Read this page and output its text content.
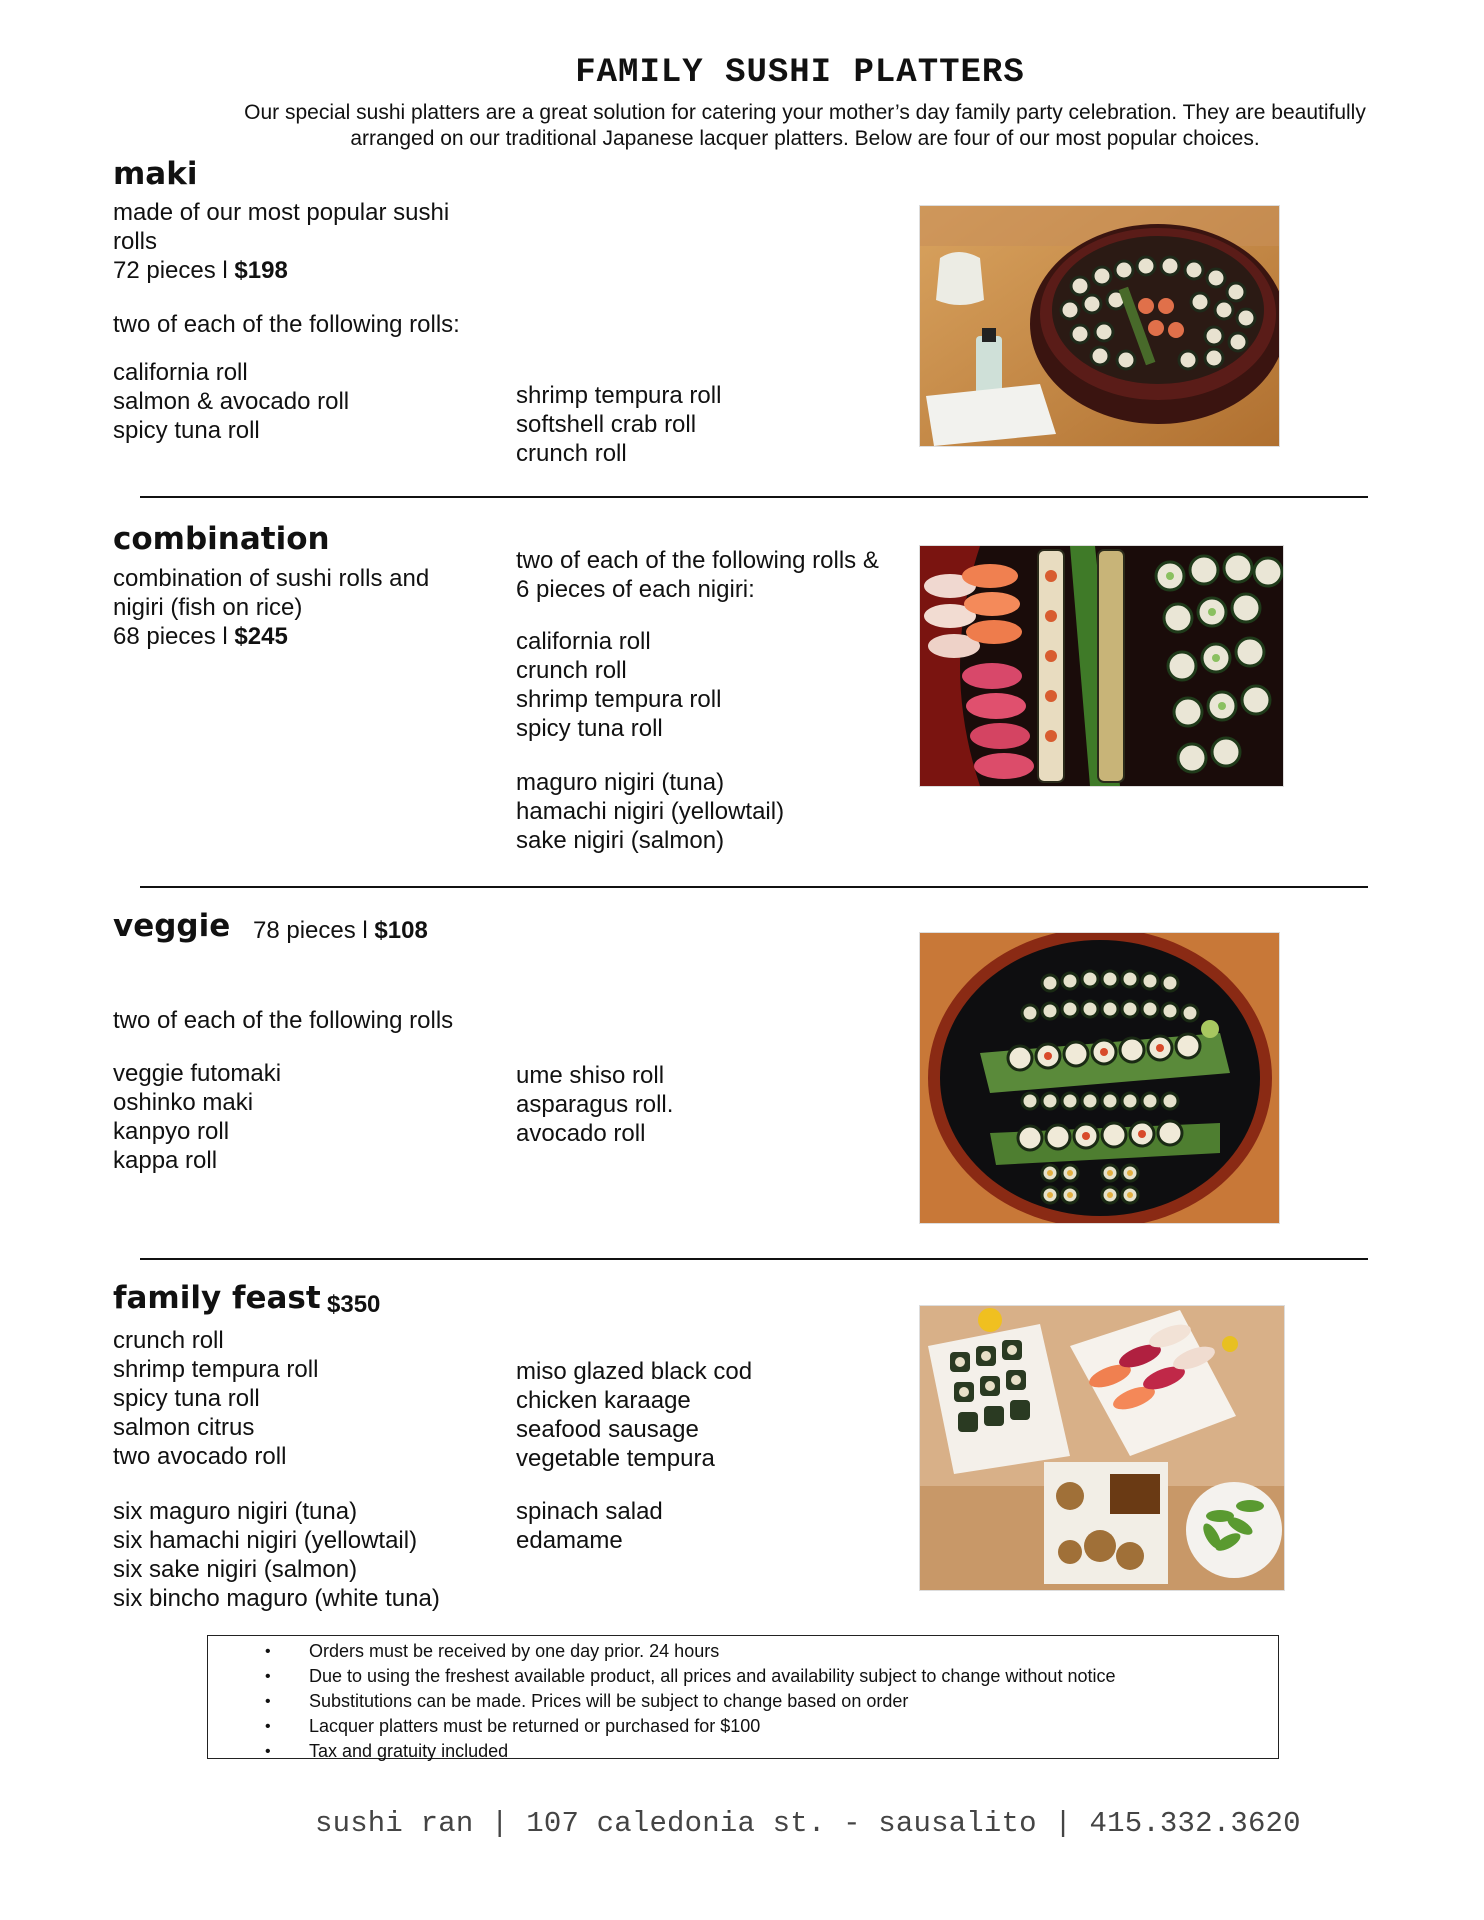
FAMILY SUSHI PLATTERS
Our special sushi platters are a great solution for catering your mother’s day family party celebration. They are beautifully arranged on our traditional Japanese lacquer platters. Below are four of our most popular choices.
maki
made of our most popular sushi
rolls
72 pieces l $198
two of each of the following rolls:
california roll
salmon & avocado roll
spicy tuna roll
shrimp tempura roll
softshell crab roll
crunch roll
combination
combination of sushi rolls and
nigiri (fish on rice)
68 pieces l $245
two of each of the following rolls &
6 pieces of each nigiri:
california roll
crunch roll
shrimp tempura roll
spicy tuna roll
maguro nigiri (tuna)
hamachi nigiri (yellowtail)
sake nigiri (salmon)
veggie 78 pieces l $108
two of each of the following rolls
veggie futomaki
oshinko maki
kanpyo roll
kappa roll
ume shiso roll
asparagus roll.
avocado roll
family feast $350
crunch roll
shrimp tempura roll
spicy tuna roll
salmon citrus
two avocado roll
six maguro nigiri (tuna)
six hamachi nigiri (yellowtail)
six sake nigiri (salmon)
six bincho maguro (white tuna)
miso glazed black cod
chicken karaage
seafood sausage
vegetable tempura
spinach salad
edamame
• Orders must be received by one day prior. 24 hours
• Due to using the freshest available product, all prices and availability subject to change without notice
• Substitutions can be made. Prices will be subject to change based on order
• Lacquer platters must be returned or purchased for $100
• Tax and gratuity included
sushi ran | 107 caledonia st. - sausalito | 415.332.3620
